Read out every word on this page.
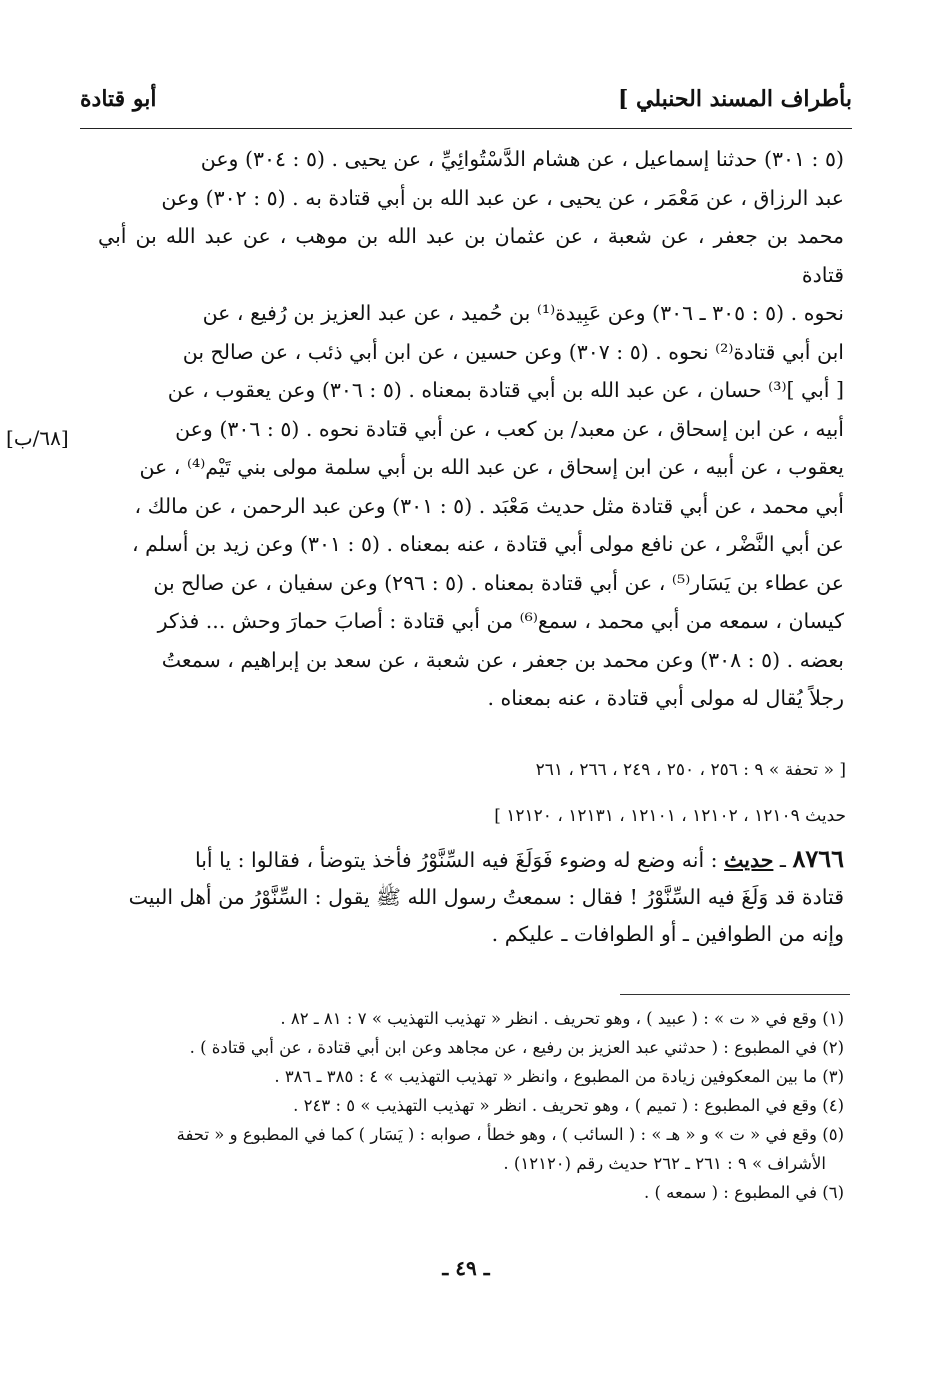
بأطراف المسند الحنبلي ]
أبو قتادة

(٥ : ٣٠١) حدثنا إسماعيل ، عن هشام الدَّسْتُوائِيِّ ، عن يحيى . (٥ : ٣٠٤) وعن

عبد الرزاق ، عن مَعْمَر ، عن يحيى ، عن عبد الله بن أبي قتادة به . (٥ : ٣٠٢) وعن

محمد بن جعفر ، عن شعبة ، عن عثمان بن عبد الله بن موهب ، عن عبد الله بن أبي قتادة

نحوه . (٥ : ٣٠٥ ـ ٣٠٦) وعن عَبِيدة⁽¹⁾ بن حُميد ، عن عبد العزيز بن رُفيع ، عن

ابن أبي قتادة⁽²⁾ نحوه . (٥ : ٣٠٧) وعن حسين ، عن ابن أبي ذئب ، عن صالح بن

[ أبي ]⁽³⁾ حسان ، عن عبد الله بن أبي قتادة بمعناه . (٥ : ٣٠٦) وعن يعقوب ، عن

أبيه ، عن ابن إسحاق ، عن معبد/ بن كعب ، عن أبي قتادة نحوه . (٥ : ٣٠٦) وعن

يعقوب ، عن أبيه ، عن ابن إسحاق ، عن عبد الله بن أبي سلمة مولى بني تَيْم⁽⁴⁾ ، عن

أبي محمد ، عن أبي قتادة مثل حديث مَعْبَد . (٥ : ٣٠١) وعن عبد الرحمن ، عن مالك ،

عن أبي النَّضْر ، عن نافع مولى أبي قتادة ، عنه بمعناه . (٥ : ٣٠١) وعن زيد بن أسلم ،

عن عطاء بن يَسَار⁽⁵⁾ ، عن أبي قتادة بمعناه . (٥ : ٢٩٦) وعن سفيان ، عن صالح بن

كيسان ، سمعه من أبي محمد ، سمع⁽⁶⁾ من أبي قتادة : أصابَ حمارَ وحش ... فذكر

بعضه . (٥ : ٣٠٨) وعن محمد بن جعفر ، عن شعبة ، عن سعد بن إبراهيم ، سمعتُ

رجلاً يُقال له مولى أبي قتادة ، عنه بمعناه .

[٦٨/ب]
[ « تحفة » ٩ : ٢٥٦ ، ٢٥٠ ، ٢٤٩ ، ٢٦٦ ، ٢٦١
حديث ١٢١٠٩ ، ١٢١٠٢ ، ١٢١٠١ ، ١٢١٣١ ، ١٢١٢٠ ]

٨٧٦٦ ـ حديث : أنه وضع له وضوء فَوَلَغَ فيه السِّنَّوْرُ فأخذ يتوضأ ، فقالوا : يا أبا

قتادة قد وَلَغَ فيه السِّنَّوْرُ ! فقال : سمعتُ رسول الله ﷺ يقول : السِّنَّوْرُ من أهل البيت

وإنه من الطوافين ـ أو الطوافات ـ عليكم .

(١) وقع في « ت » : ( عبيد ) ، وهو تحريف . انظر « تهذيب التهذيب » ٧ : ٨١ ـ ٨٢ .

(٢) في المطبوع : ( حدثني عبد العزيز بن رفيع ، عن مجاهد وعن ابن أبي قتادة ، عن أبي قتادة ) .

(٣) ما بين المعكوفين زيادة من المطبوع ، وانظر « تهذيب التهذيب » ٤ : ٣٨٥ ـ ٣٨٦ .

(٤) وقع في المطبوع : ( تميم ) ، وهو تحريف . انظر « تهذيب التهذيب » ٥ : ٢٤٣ .

(٥) وقع في « ت » و « هـ » : ( السائب ) ، وهو خطأ ، صوابه : ( يَسَار ) كما في المطبوع و « تحفة

الأشراف » ٩ : ٢٦١ ـ ٢٦٢ حديث رقم (١٢١٢٠) .

(٦) في المطبوع : ( سمعه ) .

ـ ٤٩ ـ
